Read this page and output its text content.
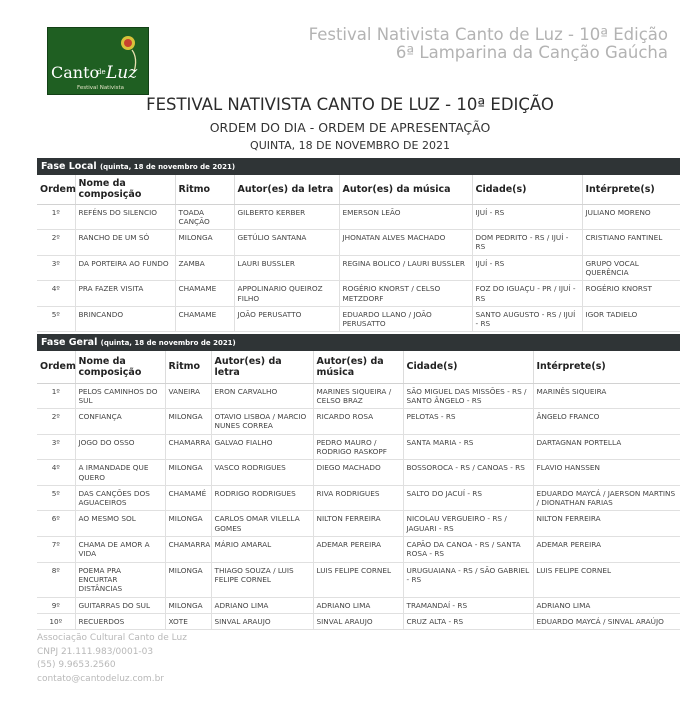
Canto
de Luz
Festival Nativista
Festival Nativista Canto de Luz - 10ª Edição
6ª Lamparina da Canção Gaúcha
FESTIVAL NATIVISTA CANTO DE LUZ - 10ª EDIÇÃO
ORDEM DO DIA - ORDEM DE APRESENTAÇÃO
QUINTA, 18 DE NOVEMBRO DE 2021
Fase Local (quinta, 18 de novembro de 2021)
Ordem	Nome da composição	Ritmo	Autor(es) da letra	Autor(es) da música	Cidade(s)	Intérprete(s)
1º	REFÉNS DO SILENCIO	TOADA CANÇÃO	GILBERTO KERBER	EMERSON LEÃO	IJUÍ - RS	JULIANO MORENO
2º	RANCHO DE UM SÓ	MILONGA	GETÚLIO SANTANA	JHONATAN ALVES MACHADO	DOM PEDRITO - RS / IJUÍ - RS	CRISTIANO FANTINEL
3º	DA PORTEIRA AO FUNDO	ZAMBA	LAURI BUSSLER	REGINA BOLICO / LAURI BUSSLER	IJUÍ - RS	GRUPO VOCAL QUERÊNCIA
4º	PRA FAZER VISITA	CHAMAME	APPOLINARIO QUEIROZ FILHO	ROGÉRIO KNORST / CELSO METZDORF	FOZ DO IGUAÇU - PR / IJUÍ - RS	ROGÉRIO KNORST
5º	BRINCANDO	CHAMAME	JOÃO PERUSATTO	EDUARDO LLANO / JOÃO PERUSATTO	SANTO AUGUSTO - RS / IJUÍ - RS	IGOR TADIELO
Fase Geral (quinta, 18 de novembro de 2021)
Ordem	Nome da composição	Ritmo	Autor(es) da letra	Autor(es) da música	Cidade(s)	Intérprete(s)
1º	PELOS CAMINHOS DO SUL	VANEIRA	ERON CARVALHO	MARINES SIQUEIRA / CELSO BRAZ	SÃO MIGUEL DAS MISSÕES - RS / SANTO ÂNGELO - RS	MARINÊS SIQUEIRA
2º	CONFIANÇA	MILONGA	OTAVIO LISBOA / MARCIO NUNES CORREA	RICARDO ROSA	PELOTAS - RS	ÂNGELO FRANCO
3º	JOGO DO OSSO	CHAMARRA	GALVAO FIALHO	PEDRO MAURO / RODRIGO RASKOPF	SANTA MARIA - RS	DARTAGNAN PORTELLA
4º	A IRMANDADE QUE QUERO	MILONGA	VASCO RODRIGUES	DIEGO MACHADO	BOSSOROCA - RS / CANOAS - RS	FLAVIO HANSSEN
5º	DAS CANÇÕES DOS AGUACEIROS	CHAMAMÉ	RODRIGO RODRIGUES	RIVA RODRIGUES	SALTO DO JACUÍ - RS	EDUARDO MAYCÁ / JAERSON MARTINS / DIONATHAN FARIAS
6º	AO MESMO SOL	MILONGA	CARLOS OMAR VILELLA GOMES	NILTON FERREIRA	NICOLAU VERGUEIRO - RS / JAGUARI - RS	NILTON FERREIRA
7º	CHAMA DE AMOR A VIDA	CHAMARRA	MÁRIO AMARAL	ADEMAR PEREIRA	CAPÃO DA CANOA - RS / SANTA ROSA - RS	ADEMAR PEREIRA
8º	POEMA PRA ENCURTAR DISTÂNCIAS	MILONGA	THIAGO SOUZA / LUIS FELIPE CORNEL	LUIS FELIPE CORNEL	URUGUAIANA - RS / SÃO GABRIEL - RS	LUIS FELIPE CORNEL
9º	GUITARRAS DO SUL	MILONGA	ADRIANO LIMA	ADRIANO LIMA	TRAMANDAÍ - RS	ADRIANO LIMA
10º	RECUERDOS	XOTE	SINVAL ARAUJO	SINVAL ARAUJO	CRUZ ALTA - RS	EDUARDO MAYCÁ / SINVAL ARAÚJO
Associação Cultural Canto de Luz
CNPJ 21.111.983/0001-03
(55) 9.9653.2560
contato@cantodeluz.com.br
